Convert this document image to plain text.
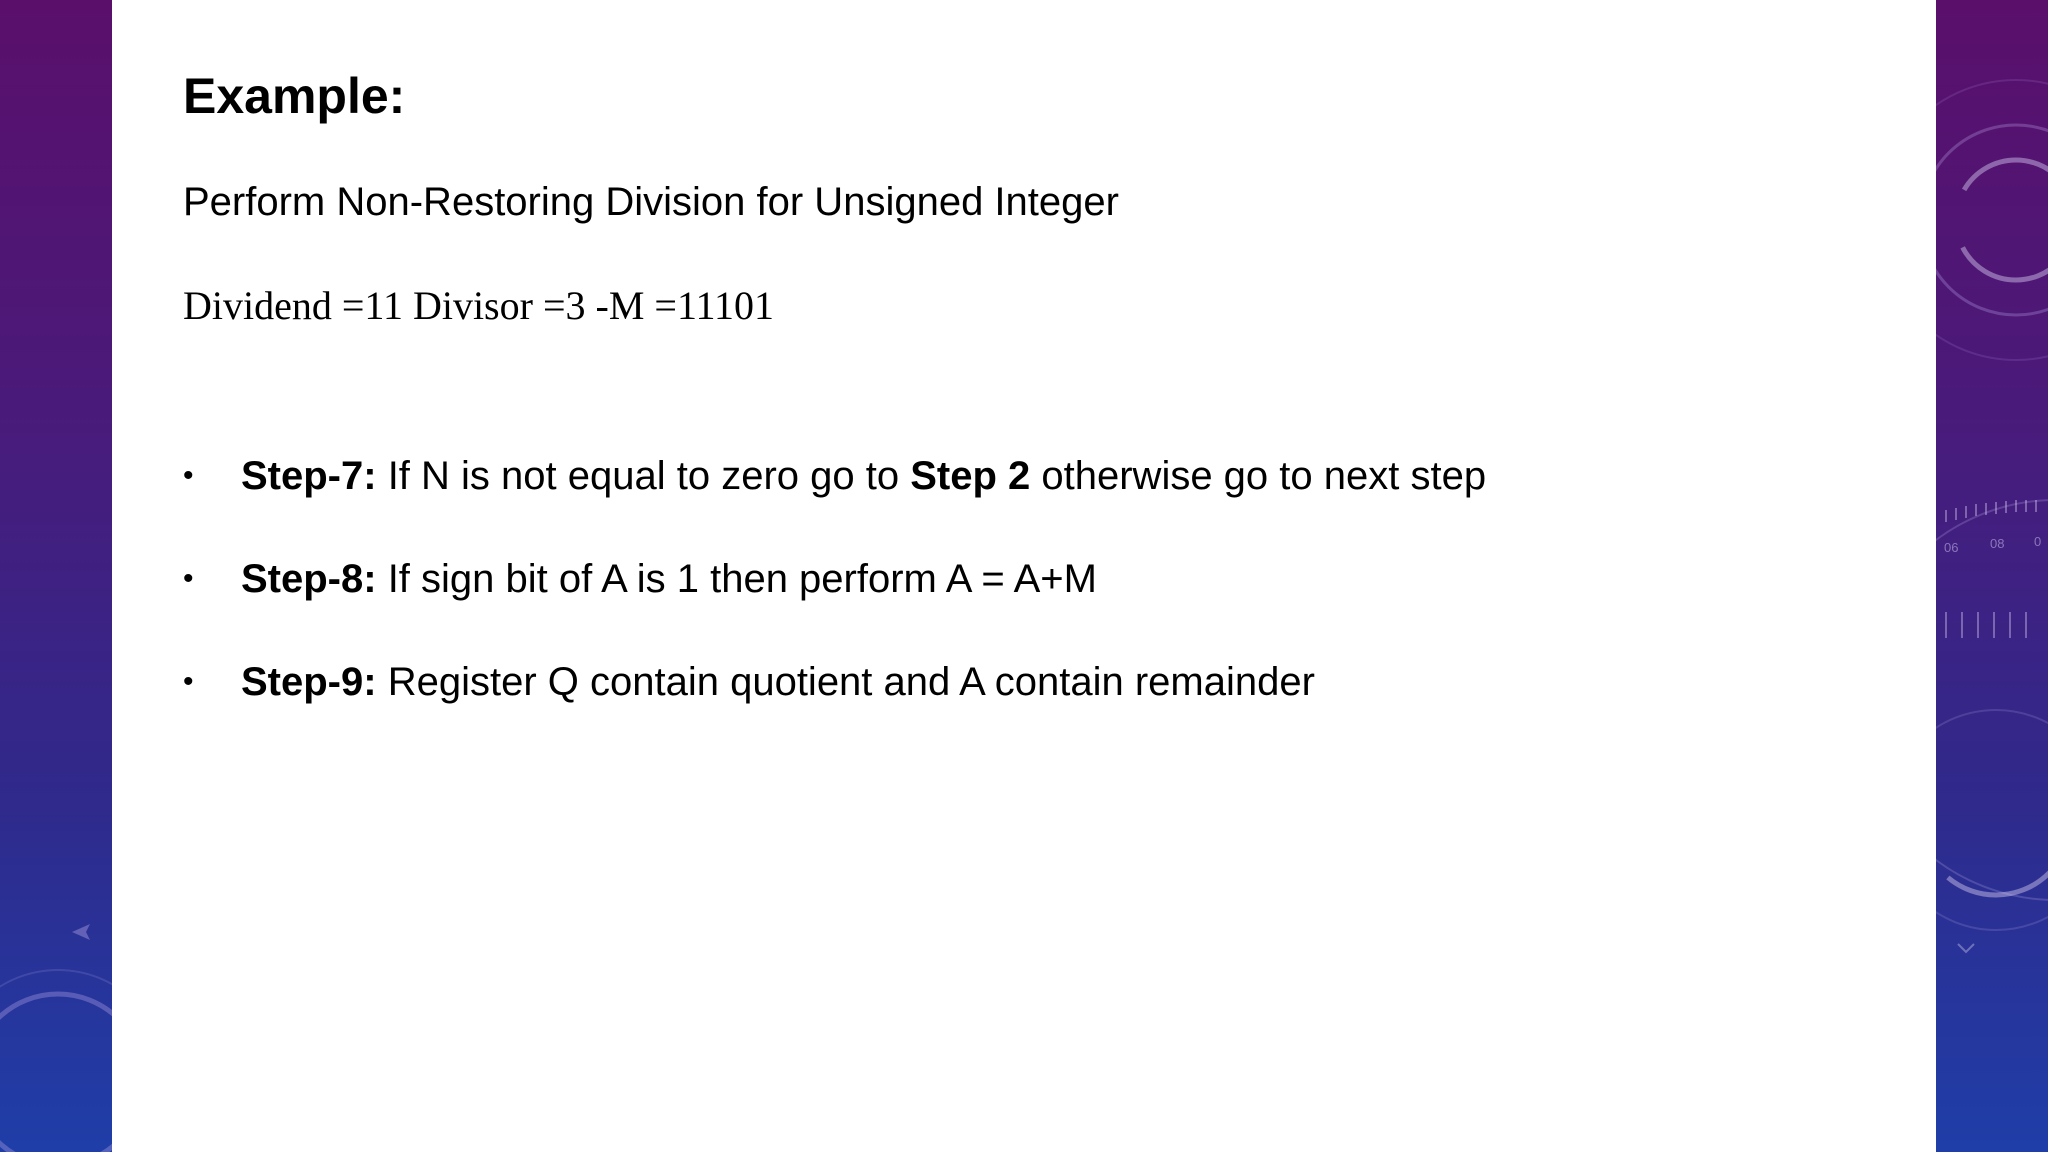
06 08 0
Example:

Perform Non-Restoring Division for Unsigned Integer

Dividend =11 Divisor =3 -M =11101

• Step-7: If N is not equal to zero go to Step 2 otherwise go to next step
• Step-8: If sign bit of A is 1 then perform A = A+M
• Step-9: Register Q contain quotient and A contain remainder
